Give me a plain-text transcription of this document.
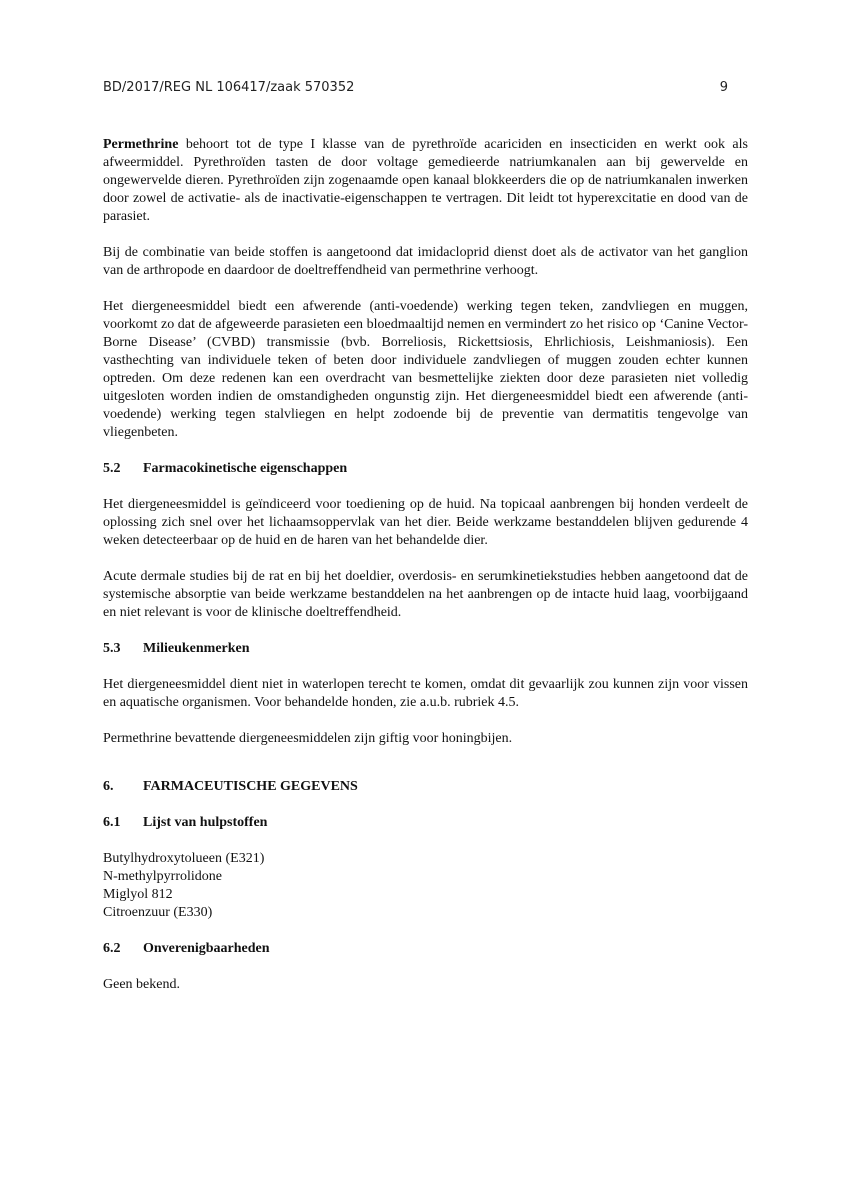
BD/2017/REG NL 106417/zaak 570352	9

Permethrine behoort tot de type I klasse van de pyrethroïde acariciden en insecticiden en werkt ook als afweermiddel. Pyrethroïden tasten de door voltage gemedieerde natriumkanalen aan bij gewervelde en ongewervelde dieren. Pyrethroïden zijn zogenaamde open kanaal blokkeerders die op de natriumkanalen inwerken door zowel de activatie- als de inactivatie-eigenschappen te vertragen. Dit leidt tot hyperexcitatie en dood van de parasiet.

Bij de combinatie van beide stoffen is aangetoond dat imidacloprid dienst doet als de activator van het ganglion van de arthropode en daardoor de doeltreffendheid van permethrine verhoogt.

Het diergeneesmiddel biedt een afwerende (anti-voedende) werking tegen teken, zandvliegen en muggen, voorkomt zo dat de afgeweerde parasieten een bloedmaaltijd nemen en vermindert zo het risico op ‘Canine Vector-Borne Disease’ (CVBD) transmissie (bvb. Borreliosis, Rickettsiosis, Ehrlichiosis, Leishmaniosis). Een vasthechting van individuele teken of beten door individuele zandvliegen of muggen zouden echter kunnen optreden. Om deze redenen kan een overdracht van besmettelijke ziekten door deze parasieten niet volledig uitgesloten worden indien de omstandigheden ongunstig zijn. Het diergeneesmiddel biedt een afwerende (anti-voedende) werking tegen stalvliegen en helpt zodoende bij de preventie van dermatitis tengevolge van vliegenbeten.

5.2 Farmacokinetische eigenschappen

Het diergeneesmiddel is geïndiceerd voor toediening op de huid. Na topicaal aanbrengen bij honden verdeelt de oplossing zich snel over het lichaamsoppervlak van het dier. Beide werkzame bestanddelen blijven gedurende 4 weken detecteerbaar op de huid en de haren van het behandelde dier.

Acute dermale studies bij de rat en bij het doeldier, overdosis- en serumkinetiekstudies hebben aangetoond dat de systemische absorptie van beide werkzame bestanddelen na het aanbrengen op de intacte huid laag, voorbijgaand en niet relevant is voor de klinische doeltreffendheid.

5.3 Milieukenmerken

Het diergeneesmiddel dient niet in waterlopen terecht te komen, omdat dit gevaarlijk zou kunnen zijn voor vissen en aquatische organismen. Voor behandelde honden, zie a.u.b. rubriek 4.5.

Permethrine bevattende diergeneesmiddelen zijn giftig voor honingbijen.

6. FARMACEUTISCHE GEGEVENS
6.1 Lijst van hulpstoffen

Butylhydroxytolueen (E321)

N-methylpyrrolidone

Miglyol 812

Citroenzuur (E330)

6.2 Onverenigbaarheden

Geen bekend.
